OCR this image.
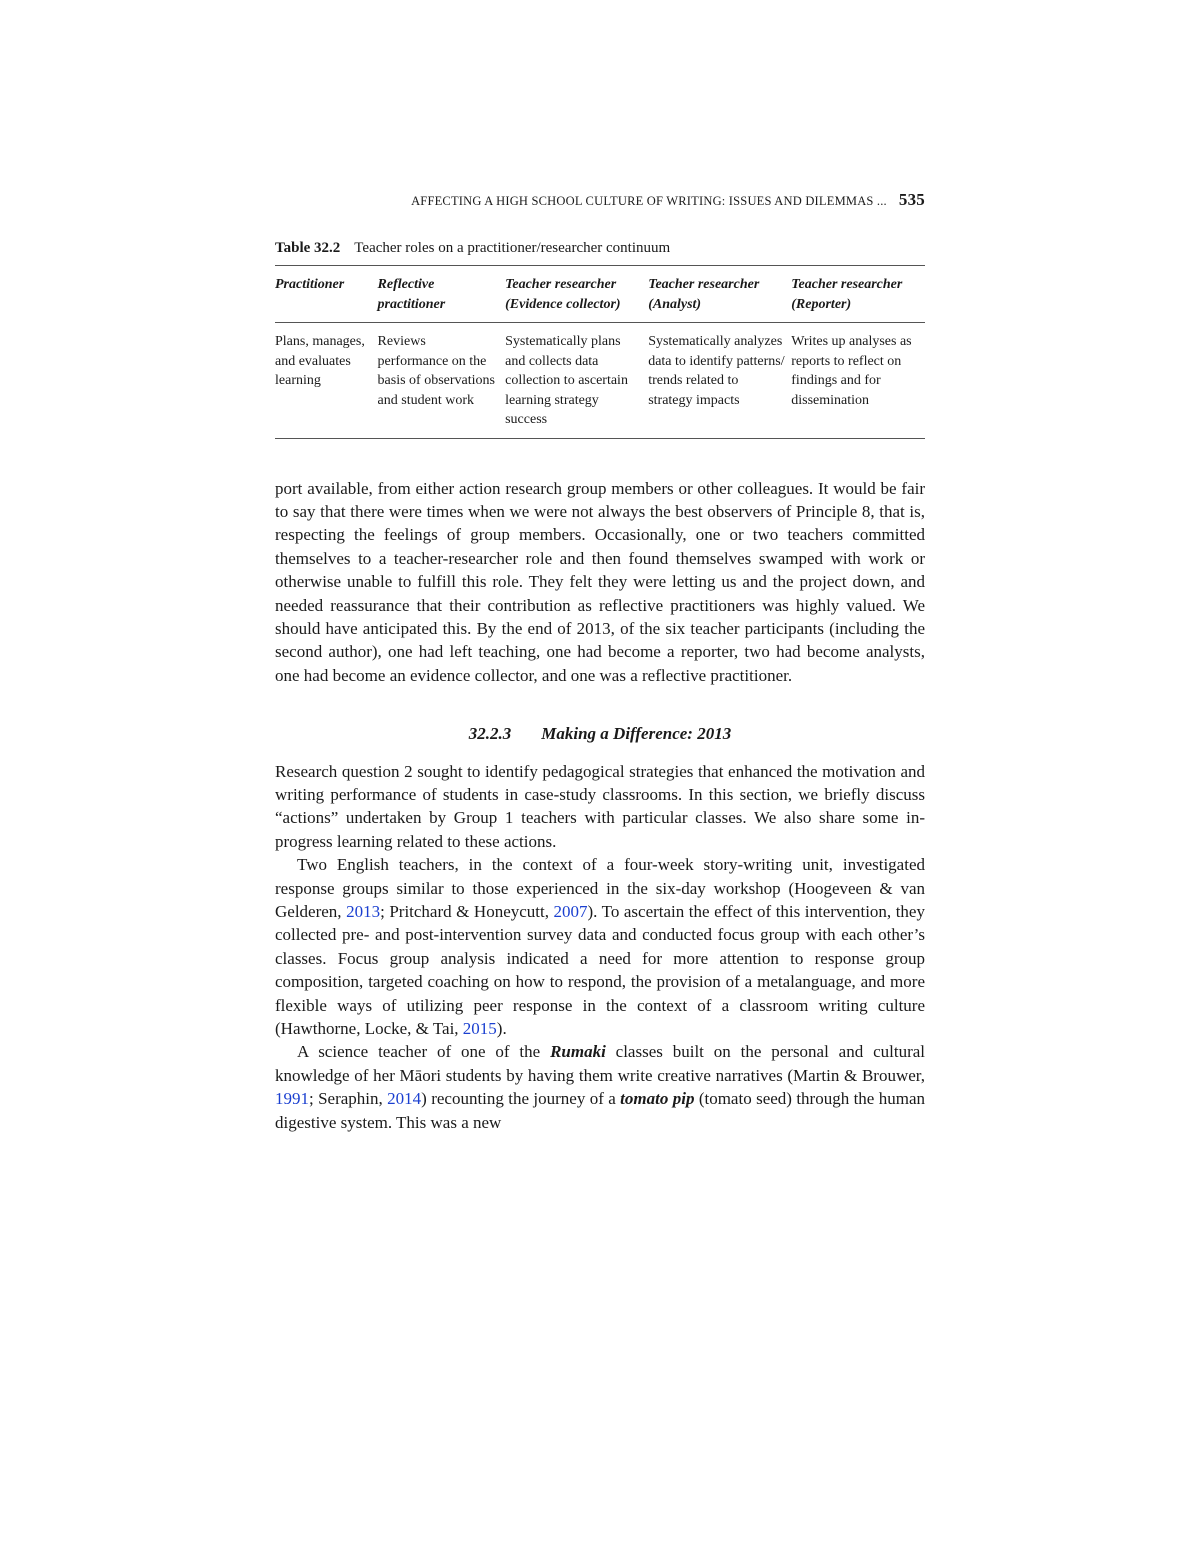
AFFECTING A HIGH SCHOOL CULTURE OF WRITING: ISSUES AND DILEMMAS ... 535
Table 32.2 Teacher roles on a practitioner/researcher continuum
Practitioner	Reflective practitioner	Teacher researcher (Evidence collector)	Teacher researcher (Analyst)	Teacher researcher (Reporter)
Plans, manages, and evaluates learning	Reviews performance on the basis of observations and student work	Systematically plans and collects data collection to ascertain learning strategy success	Systematically analyzes data to identify patterns/ trends related to strategy impacts	Writes up analyses as reports to reflect on findings and for dissemination

port available, from either action research group members or other colleagues. It would be fair to say that there were times when we were not always the best observers of Principle 8, that is, respecting the feelings of group members. Occasionally, one or two teachers committed themselves to a teacher-researcher role and then found themselves swamped with work or otherwise unable to fulfill this role. They felt they were letting us and the project down, and needed reassurance that their contribution as reflective practitioners was highly valued. We should have anticipated this. By the end of 2013, of the six teacher participants (including the second author), one had left teaching, one had become a reporter, two had become analysts, one had become an evidence collector, and one was a reflective practitioner.

32.2.3 Making a Difference: 2013

Research question 2 sought to identify pedagogical strategies that enhanced the motivation and writing performance of students in case-study classrooms. In this section, we briefly discuss “actions” undertaken by Group 1 teachers with particular classes. We also share some in-progress learning related to these actions.

Two English teachers, in the context of a four-week story-writing unit, investigated response groups similar to those experienced in the six-day workshop (Hoogeveen & van Gelderen, 2013; Pritchard & Honeycutt, 2007). To ascertain the effect of this intervention, they collected pre- and post-intervention survey data and conducted focus group with each other’s classes. Focus group analysis indicated a need for more attention to response group composition, targeted coaching on how to respond, the provision of a metalanguage, and more flexible ways of utilizing peer response in the context of a classroom writing culture (Hawthorne, Locke, & Tai, 2015).

A science teacher of one of the Rumaki classes built on the personal and cultural knowledge of her Māori students by having them write creative narratives (Martin & Brouwer, 1991; Seraphin, 2014) recounting the journey of a tomato pip (tomato seed) through the human digestive system. This was a new
